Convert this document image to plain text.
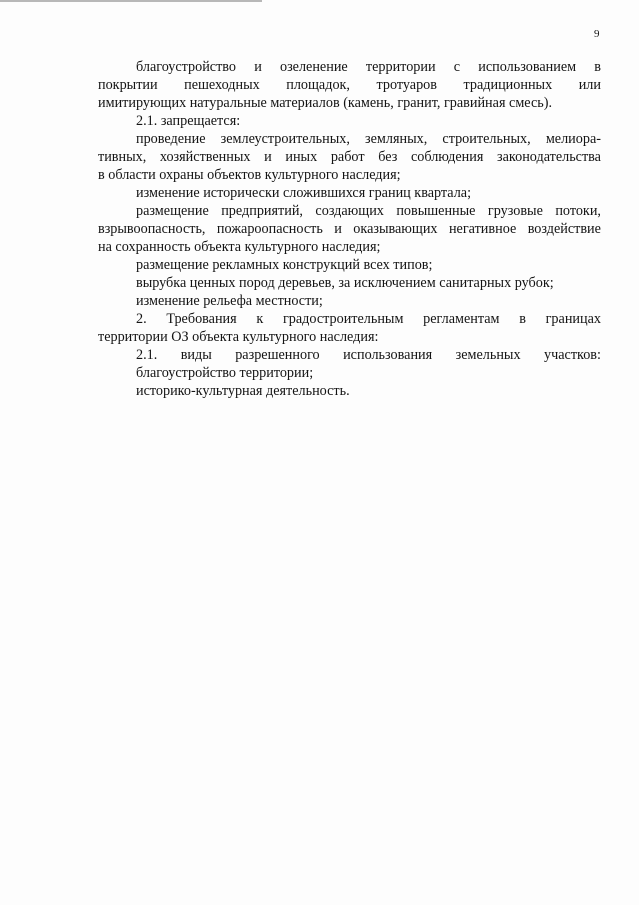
9
благоустройство и озеленение территории с использованием в
покрытии пешеходных площадок, тротуаров традиционных или
имитирующих натуральные материалов (камень, гранит, гравийная смесь).
2.1. запрещается:
проведение землеустроительных, земляных, строительных, мелиора-
тивных, хозяйственных и иных работ без соблюдения законодательства
в области охраны объектов культурного наследия;
изменение исторически сложившихся границ квартала;
размещение предприятий, создающих повышенные грузовые потоки,
взрывоопасность, пожароопасность и оказывающих негативное воздействие
на сохранность объекта культурного наследия;
размещение рекламных конструкций всех типов;
вырубка ценных пород деревьев, за исключением санитарных рубок;
изменение рельефа местности;
2. Требования к градостроительным регламентам в границах
территории ОЗ объекта культурного наследия:
2.1. виды разрешенного использования земельных участков:
благоустройство территории;
историко-культурная деятельность.
